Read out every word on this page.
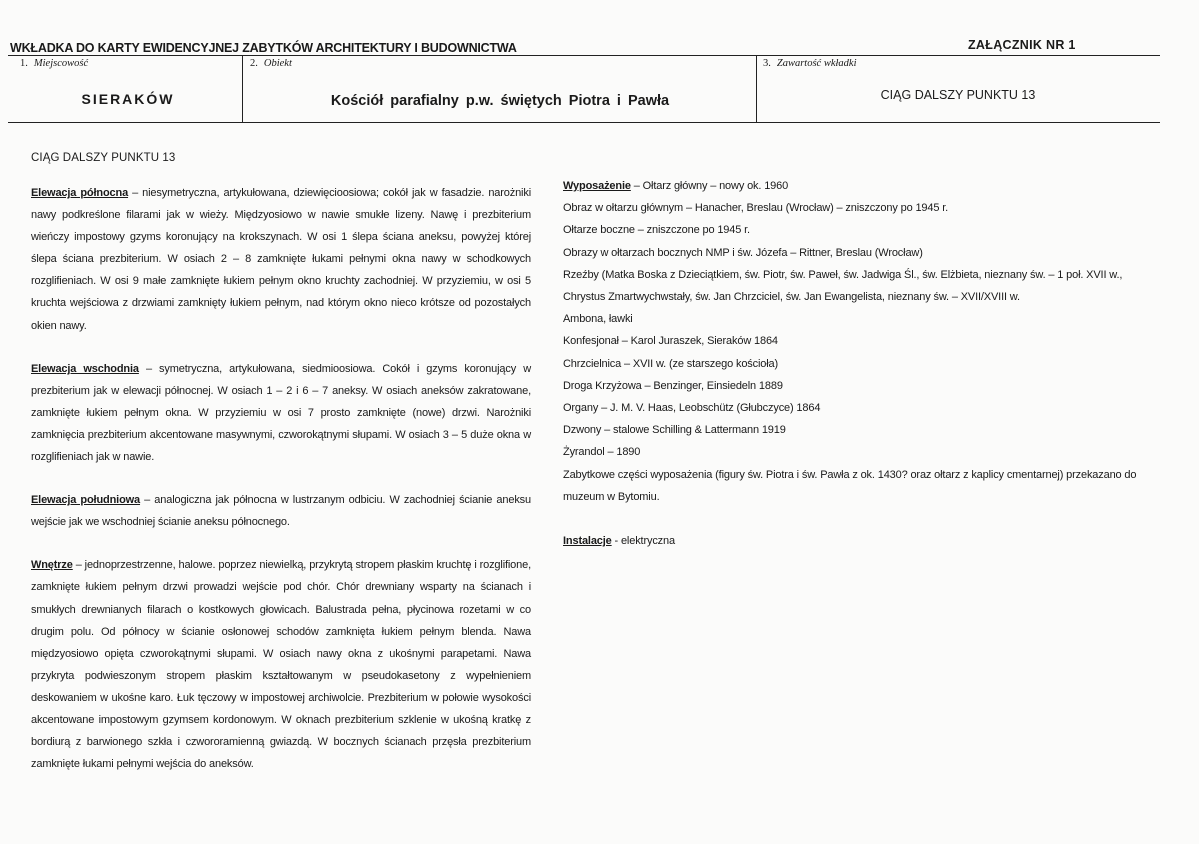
WKŁADKA DO KARTY EWIDENCYJNEJ ZABYTKÓW ARCHITEKTURY I BUDOWNICTWA	ZAŁĄCZNIK NR 1
1. Miejscowość	2. Obiekt	3. Zawartość wkładki
SIERAKÓW	Kościół parafialny p.w. świętych Piotra i Pawła	CIĄG DALSZY PUNKTU 13
CIĄG DALSZY PUNKTU 13

Elewacja północna – niesymetryczna, artykułowana, dziewięcioosiowa; cokół jak w fasadzie. narożniki nawy podkreślone filarami jak w wieży. Międzyosiowo w nawie smukłe lizeny. Nawę i prezbiterium wieńczy impostowy gzyms koronujący na krokszynach. W osi 1 ślepa ściana aneksu, powyżej której ślepa ściana prezbiterium. W osiach 2 – 8 zamknięte łukami pełnymi okna nawy w schodkowych rozglifieniach. W osi 9 małe zamknięte łukiem pełnym okno kruchty zachodniej. W przyziemiu, w osi 5 kruchta wejściowa z drzwiami zamknięty łukiem pełnym, nad którym okno nieco krótsze od pozostałych okien nawy.

Elewacja wschodnia – symetryczna, artykułowana, siedmioosiowa. Cokół i gzyms koronujący w prezbiterium jak w elewacji północnej. W osiach 1 – 2 i 6 – 7 aneksy. W osiach aneksów zakratowane, zamknięte łukiem pełnym okna. W przyziemiu w osi 7 prosto zamknięte (nowe) drzwi. Narożniki zamknięcia prezbiterium akcentowane masywnymi, czworokątnymi słupami. W osiach 3 – 5 duże okna w rozglifieniach jak w nawie.

Elewacja południowa – analogiczna jak północna w lustrzanym odbiciu. W zachodniej ścianie aneksu wejście jak we wschodniej ścianie aneksu północnego.

Wnętrze – jednoprzestrzenne, halowe. poprzez niewielką, przykrytą stropem płaskim kruchtę i rozglifione, zamknięte łukiem pełnym drzwi prowadzi wejście pod chór. Chór drewniany wsparty na ścianach i smukłych drewnianych filarach o kostkowych głowicach. Balustrada pełna, płycinowa rozetami w co drugim polu. Od północy w ścianie osłonowej schodów zamknięta łukiem pełnym blenda. Nawa międzyosiowo opięta czworokątnymi słupami. W osiach nawy okna z ukośnymi parapetami. Nawa przykryta podwieszonym stropem płaskim kształtowanym w pseudokasetony z wypełnieniem deskowaniem w ukośne karo. Łuk tęczowy w impostowej archiwolcie. Prezbiterium w połowie wysokości akcentowane impostowym gzymsem kordonowym. W oknach prezbiterium szklenie w ukośną kratkę z bordiurą z barwionego szkła i czwororamienną gwiazdą. W bocznych ścianach przęsła prezbiterium zamknięte łukami pełnymi wejścia do aneksów.

Wyposażenie – Ołtarz główny – nowy ok. 1960

Obraz w ołtarzu głównym – Hanacher, Breslau (Wrocław) – zniszczony po 1945 r.

Ołtarze boczne – zniszczone po 1945 r.

Obrazy w ołtarzach bocznych NMP i św. Józefa – Rittner, Breslau (Wrocław)

Rzeźby (Matka Boska z Dzieciątkiem, św. Piotr, św. Paweł, św. Jadwiga Śl., św. Elżbieta, nieznany św. – 1 poł. XVII w.,

Chrystus Zmartwychwstały, św. Jan Chrzciciel, św. Jan Ewangelista, nieznany św. – XVII/XVIII w.

Ambona, ławki

Konfesjonał – Karol Juraszek, Sieraków 1864

Chrzcielnica – XVII w. (ze starszego kościoła)

Droga Krzyżowa – Benzinger, Einsiedeln 1889

Organy – J. M. V. Haas, Leobschütz (Głubczyce) 1864

Dzwony – stalowe Schilling & Lattermann 1919

Żyrandol – 1890

Zabytkowe części wyposażenia (figury św. Piotra i św. Pawła z ok. 1430? oraz ołtarz z kaplicy cmentarnej) przekazano do

muzeum w Bytomiu.

Instalacje - elektryczna
